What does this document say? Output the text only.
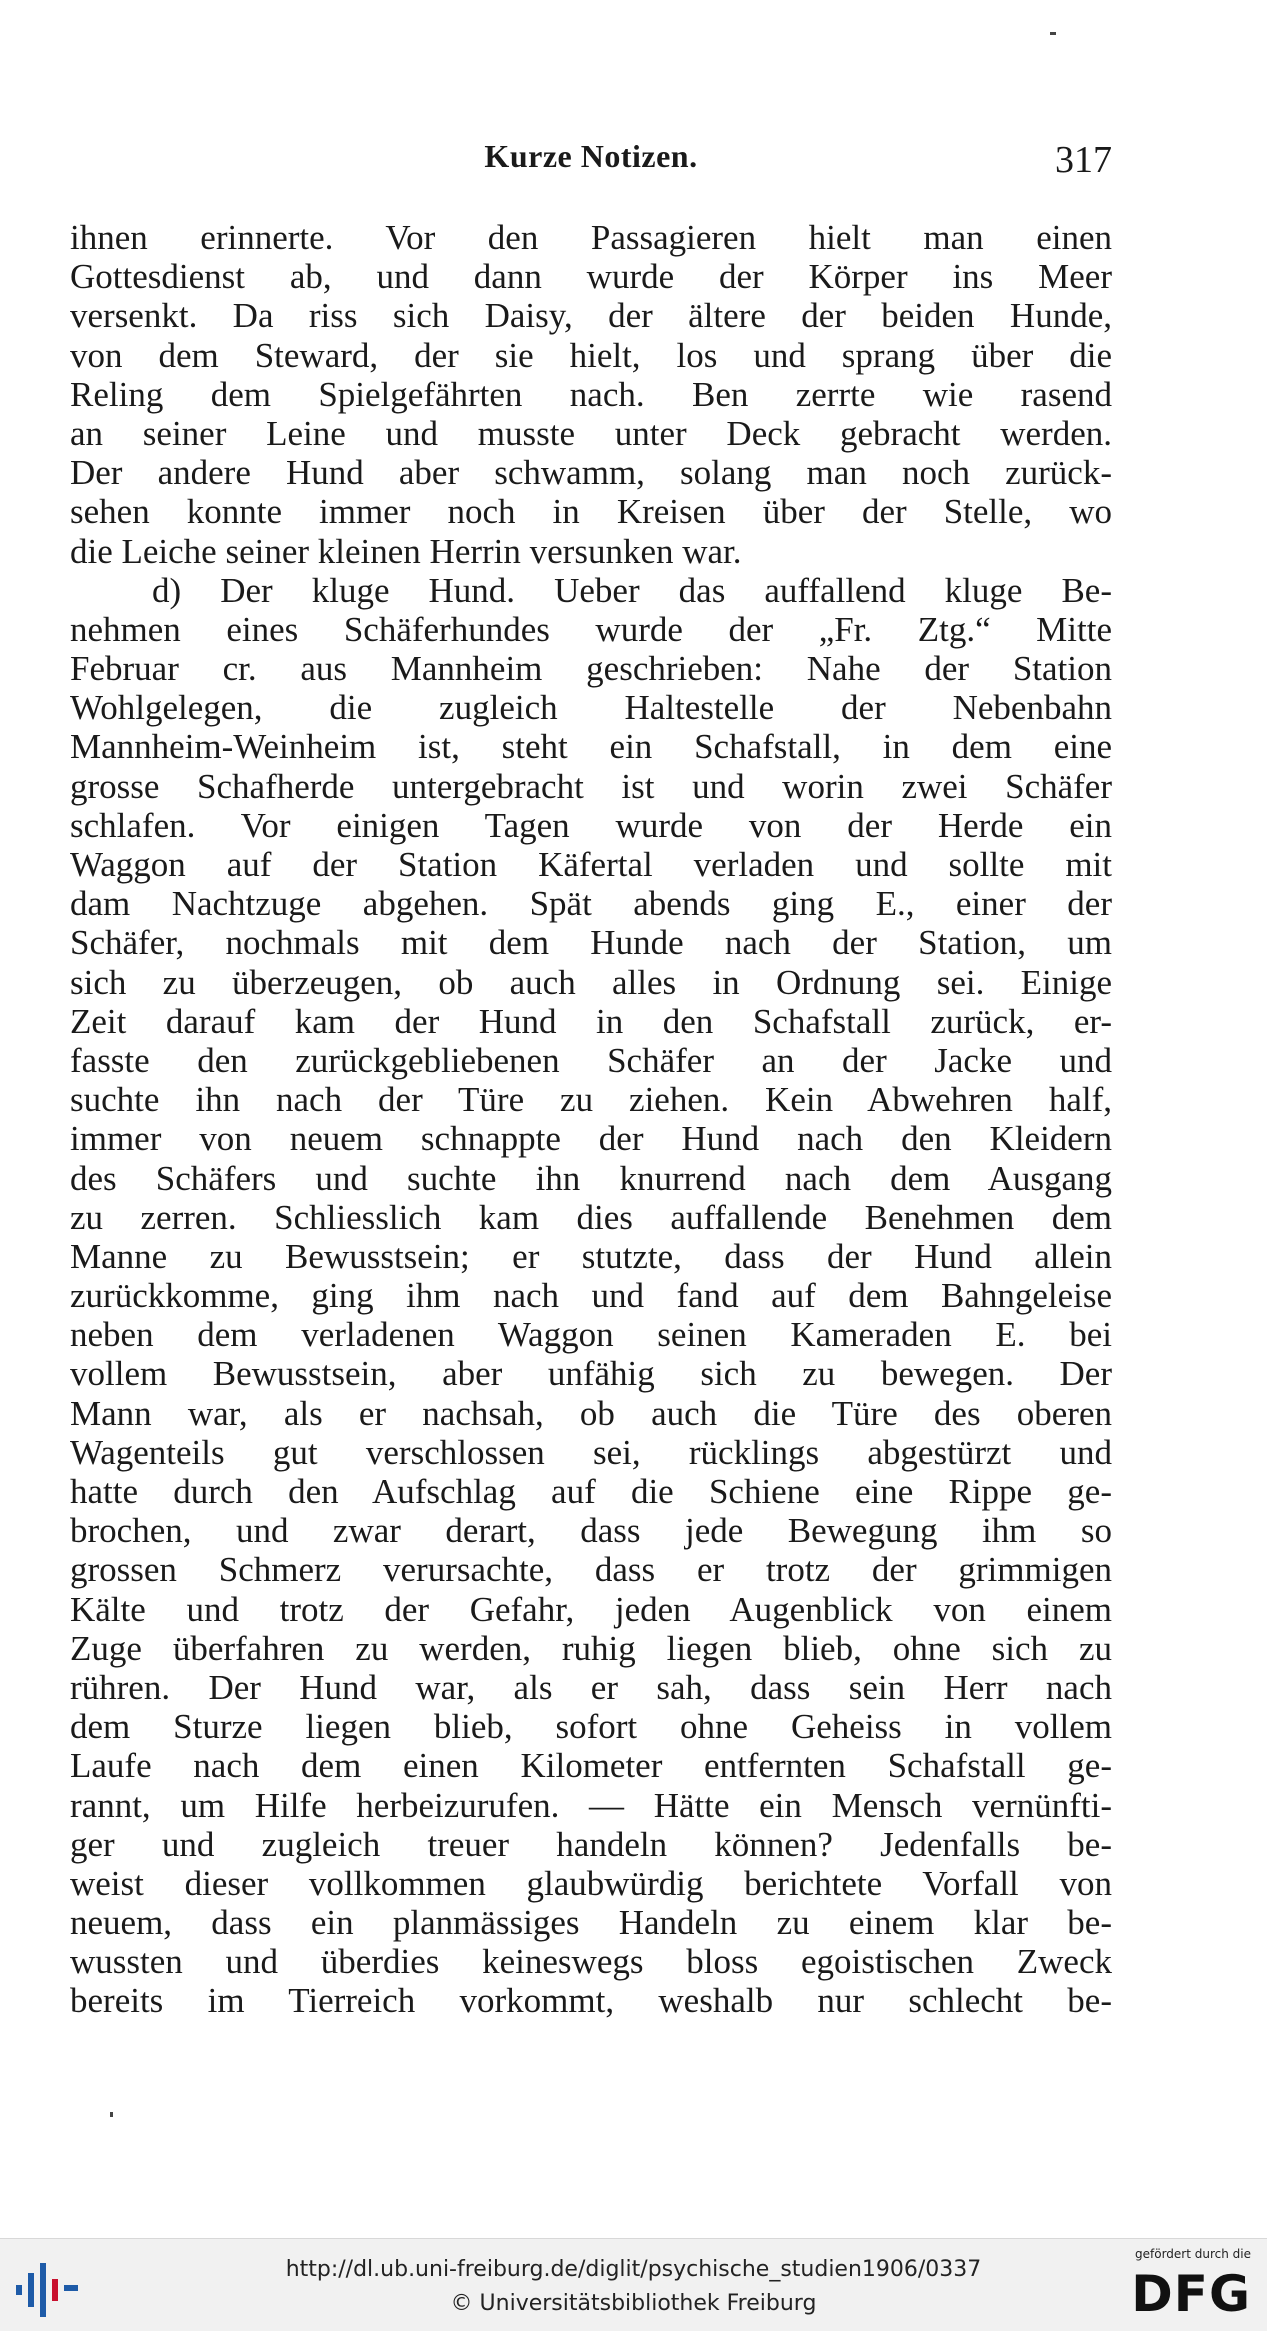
Kurze Notizen.	317
ihnen erinnerte. Vor den Passagieren hielt man einen
Gottesdienst ab, und dann wurde der Körper ins Meer
versenkt. Da riss sich Daisy, der ältere der beiden Hunde,
von dem Steward, der sie hielt, los und sprang über die
Reling dem Spielgefährten nach. Ben zerrte wie rasend
an seiner Leine und musste unter Deck gebracht werden.
Der andere Hund aber schwamm, solang man noch zurück-
sehen konnte immer noch in Kreisen über der Stelle, wo
die Leiche seiner kleinen Herrin versunken war.
d) Der kluge Hund. Ueber das auffallend kluge Be-
nehmen eines Schäferhundes wurde der „Fr. Ztg.“ Mitte
Februar cr. aus Mannheim geschrieben: Nahe der Station
Wohlgelegen, die zugleich Haltestelle der Nebenbahn
Mannheim-Weinheim ist, steht ein Schafstall, in dem eine
grosse Schafherde untergebracht ist und worin zwei Schäfer
schlafen. Vor einigen Tagen wurde von der Herde ein
Waggon auf der Station Käfertal verladen und sollte mit
dam Nachtzuge abgehen. Spät abends ging E., einer der
Schäfer, nochmals mit dem Hunde nach der Station, um
sich zu überzeugen, ob auch alles in Ordnung sei. Einige
Zeit darauf kam der Hund in den Schafstall zurück, er-
fasste den zurückgebliebenen Schäfer an der Jacke und
suchte ihn nach der Türe zu ziehen. Kein Abwehren half,
immer von neuem schnappte der Hund nach den Kleidern
des Schäfers und suchte ihn knurrend nach dem Ausgang
zu zerren. Schliesslich kam dies auffallende Benehmen dem
Manne zu Bewusstsein; er stutzte, dass der Hund allein
zurückkomme, ging ihm nach und fand auf dem Bahngeleise
neben dem verladenen Waggon seinen Kameraden E. bei
vollem Bewusstsein, aber unfähig sich zu bewegen. Der
Mann war, als er nachsah, ob auch die Türe des oberen
Wagenteils gut verschlossen sei, rücklings abgestürzt und
hatte durch den Aufschlag auf die Schiene eine Rippe ge-
brochen, und zwar derart, dass jede Bewegung ihm so
grossen Schmerz verursachte, dass er trotz der grimmigen
Kälte und trotz der Gefahr, jeden Augenblick von einem
Zuge überfahren zu werden, ruhig liegen blieb, ohne sich zu
rühren. Der Hund war, als er sah, dass sein Herr nach
dem Sturze liegen blieb, sofort ohne Geheiss in vollem
Laufe nach dem einen Kilometer entfernten Schafstall ge-
rannt, um Hilfe herbeizurufen. — Hätte ein Mensch vernünfti-
ger und zugleich treuer handeln können? Jedenfalls be-
weist dieser vollkommen glaubwürdig berichtete Vorfall von
neuem, dass ein planmässiges Handeln zu einem klar be-
wussten und überdies keineswegs bloss egoistischen Zweck
bereits im Tierreich vorkommt, weshalb nur schlecht be-
http://dl.ub.uni-freiburg.de/diglit/psychische_studien1906/0337
© Universitätsbibliothek Freiburg
gefördert durch die
DFG
